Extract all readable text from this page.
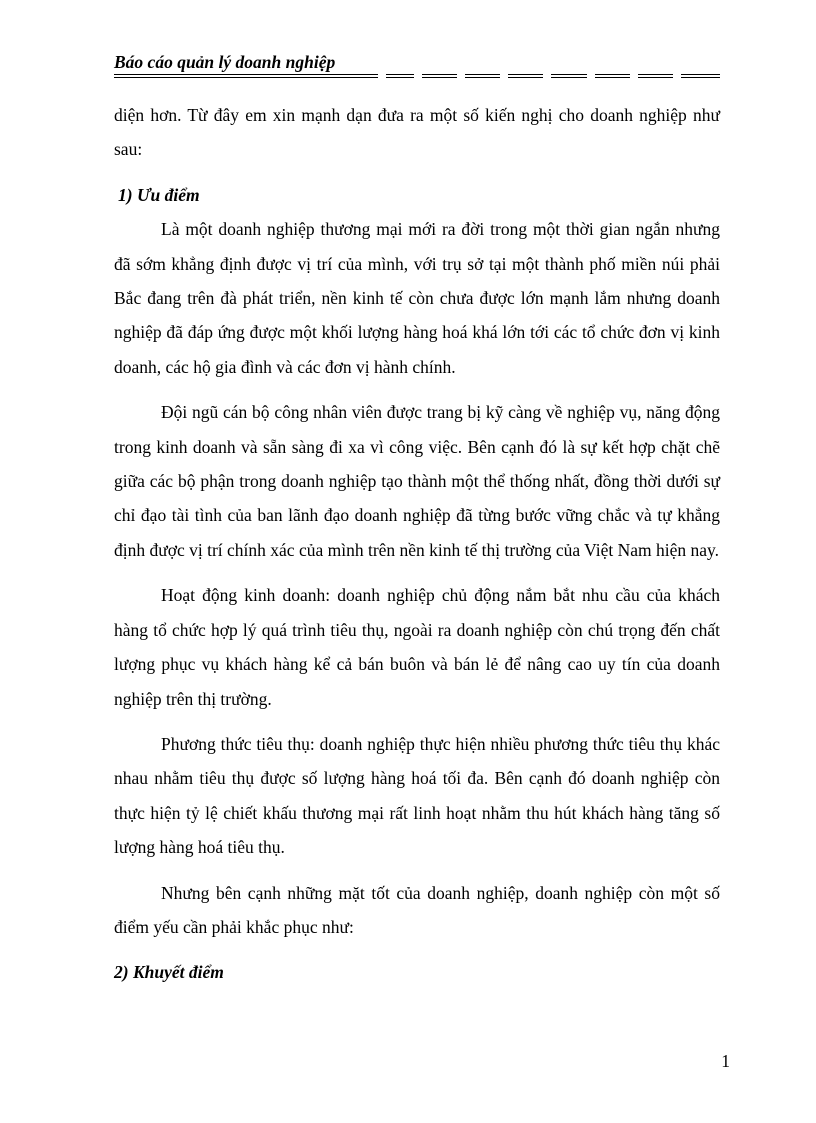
Báo cáo quản lý doanh nghiệp

diện hơn. Từ đây em xin mạnh dạn đưa ra một số kiến nghị cho doanh nghiệp như sau:

1) Ưu điểm

Là một doanh nghiệp thương mại mới ra đời trong một thời gian ngắn nhưng đã sớm khẳng định được vị trí của mình, với trụ sở tại một thành phố miền núi phải Bắc đang trên đà phát triển, nền kinh tế còn chưa được lớn mạnh lắm nhưng doanh nghiệp đã đáp ứng được một khối lượng hàng hoá khá lớn tới các tổ chức đơn vị kinh doanh, các hộ gia đình và các đơn vị hành chính.

Đội ngũ cán bộ công nhân viên được trang bị kỹ càng về nghiệp vụ, năng động trong kinh doanh và sẵn sàng đi xa vì công việc. Bên cạnh đó là sự kết hợp chặt chẽ giữa các bộ phận trong doanh nghiệp tạo thành một thể thống nhất, đồng thời dưới sự chỉ đạo tài tình của ban lãnh đạo doanh nghiệp đã từng bước vững chắc và tự khẳng định được vị trí chính xác của mình trên nền kinh tế thị trường của Việt Nam hiện nay.

Hoạt động kinh doanh: doanh nghiệp chủ động nắm bắt nhu cầu của khách hàng tổ chức hợp lý quá trình tiêu thụ, ngoài ra doanh nghiệp còn chú trọng đến chất lượng phục vụ khách hàng kể cả bán buôn và bán lẻ để nâng cao uy tín của doanh nghiệp trên thị trường.

Phương thức tiêu thụ: doanh nghiệp thực hiện nhiều phương thức tiêu thụ khác nhau nhằm tiêu thụ được số lượng hàng hoá tối đa. Bên cạnh đó doanh nghiệp còn thực hiện tỷ lệ chiết khấu thương mại rất linh hoạt nhằm thu hút khách hàng tăng số lượng hàng hoá tiêu thụ.

Nhưng bên cạnh những mặt tốt của doanh nghiệp, doanh nghiệp còn một số điểm yếu cần phải khắc phục như:

2) Khuyết điểm

1
